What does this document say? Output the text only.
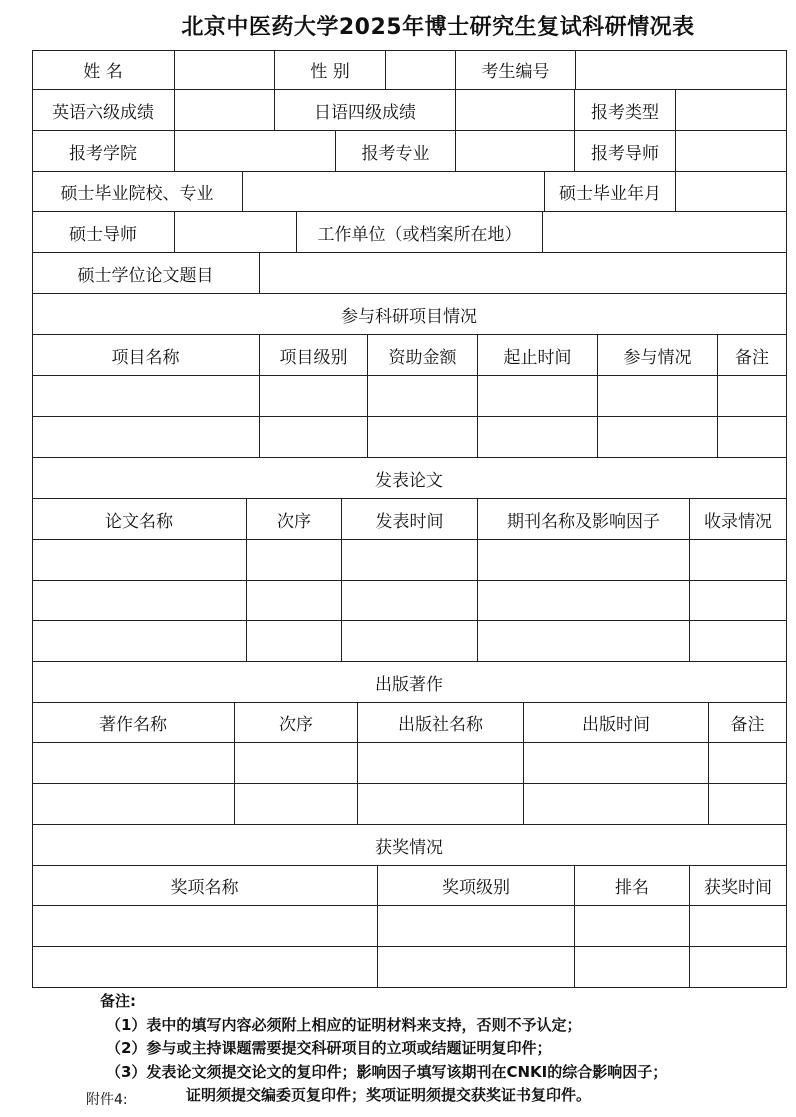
北京中医药大学2025年博士研究生复试科研情况表
姓 名	性 别	考生编号
英语六级成绩	日语四级成绩	报考类型
报考学院	报考专业	报考导师
硕士毕业院校、专业	硕士毕业年月
硕士导师	工作单位（或档案所在地）
硕士学位论文题目
参与科研项目情况
项目名称	项目级别	资助金额	起止时间	参与情况	备注
发表论文
论文名称	次序	发表时间	期刊名称及影响因子	收录情况
出版著作
著作名称	次序	出版社名称	出版时间	备注
获奖情况
奖项名称	奖项级别	排名	获奖时间
备注:
（1）表中的填写内容必须附上相应的证明材料来支持，否则不予认定；
（2）参与或主持课题需要提交科研项目的立项或结题证明复印件；
（3）发表论文须提交论文的复印件；影响因子填写该期刊在CNKI的综合影响因子；
证明须提交编委页复印件；奖项证明须提交获奖证书复印件。
附件4:
